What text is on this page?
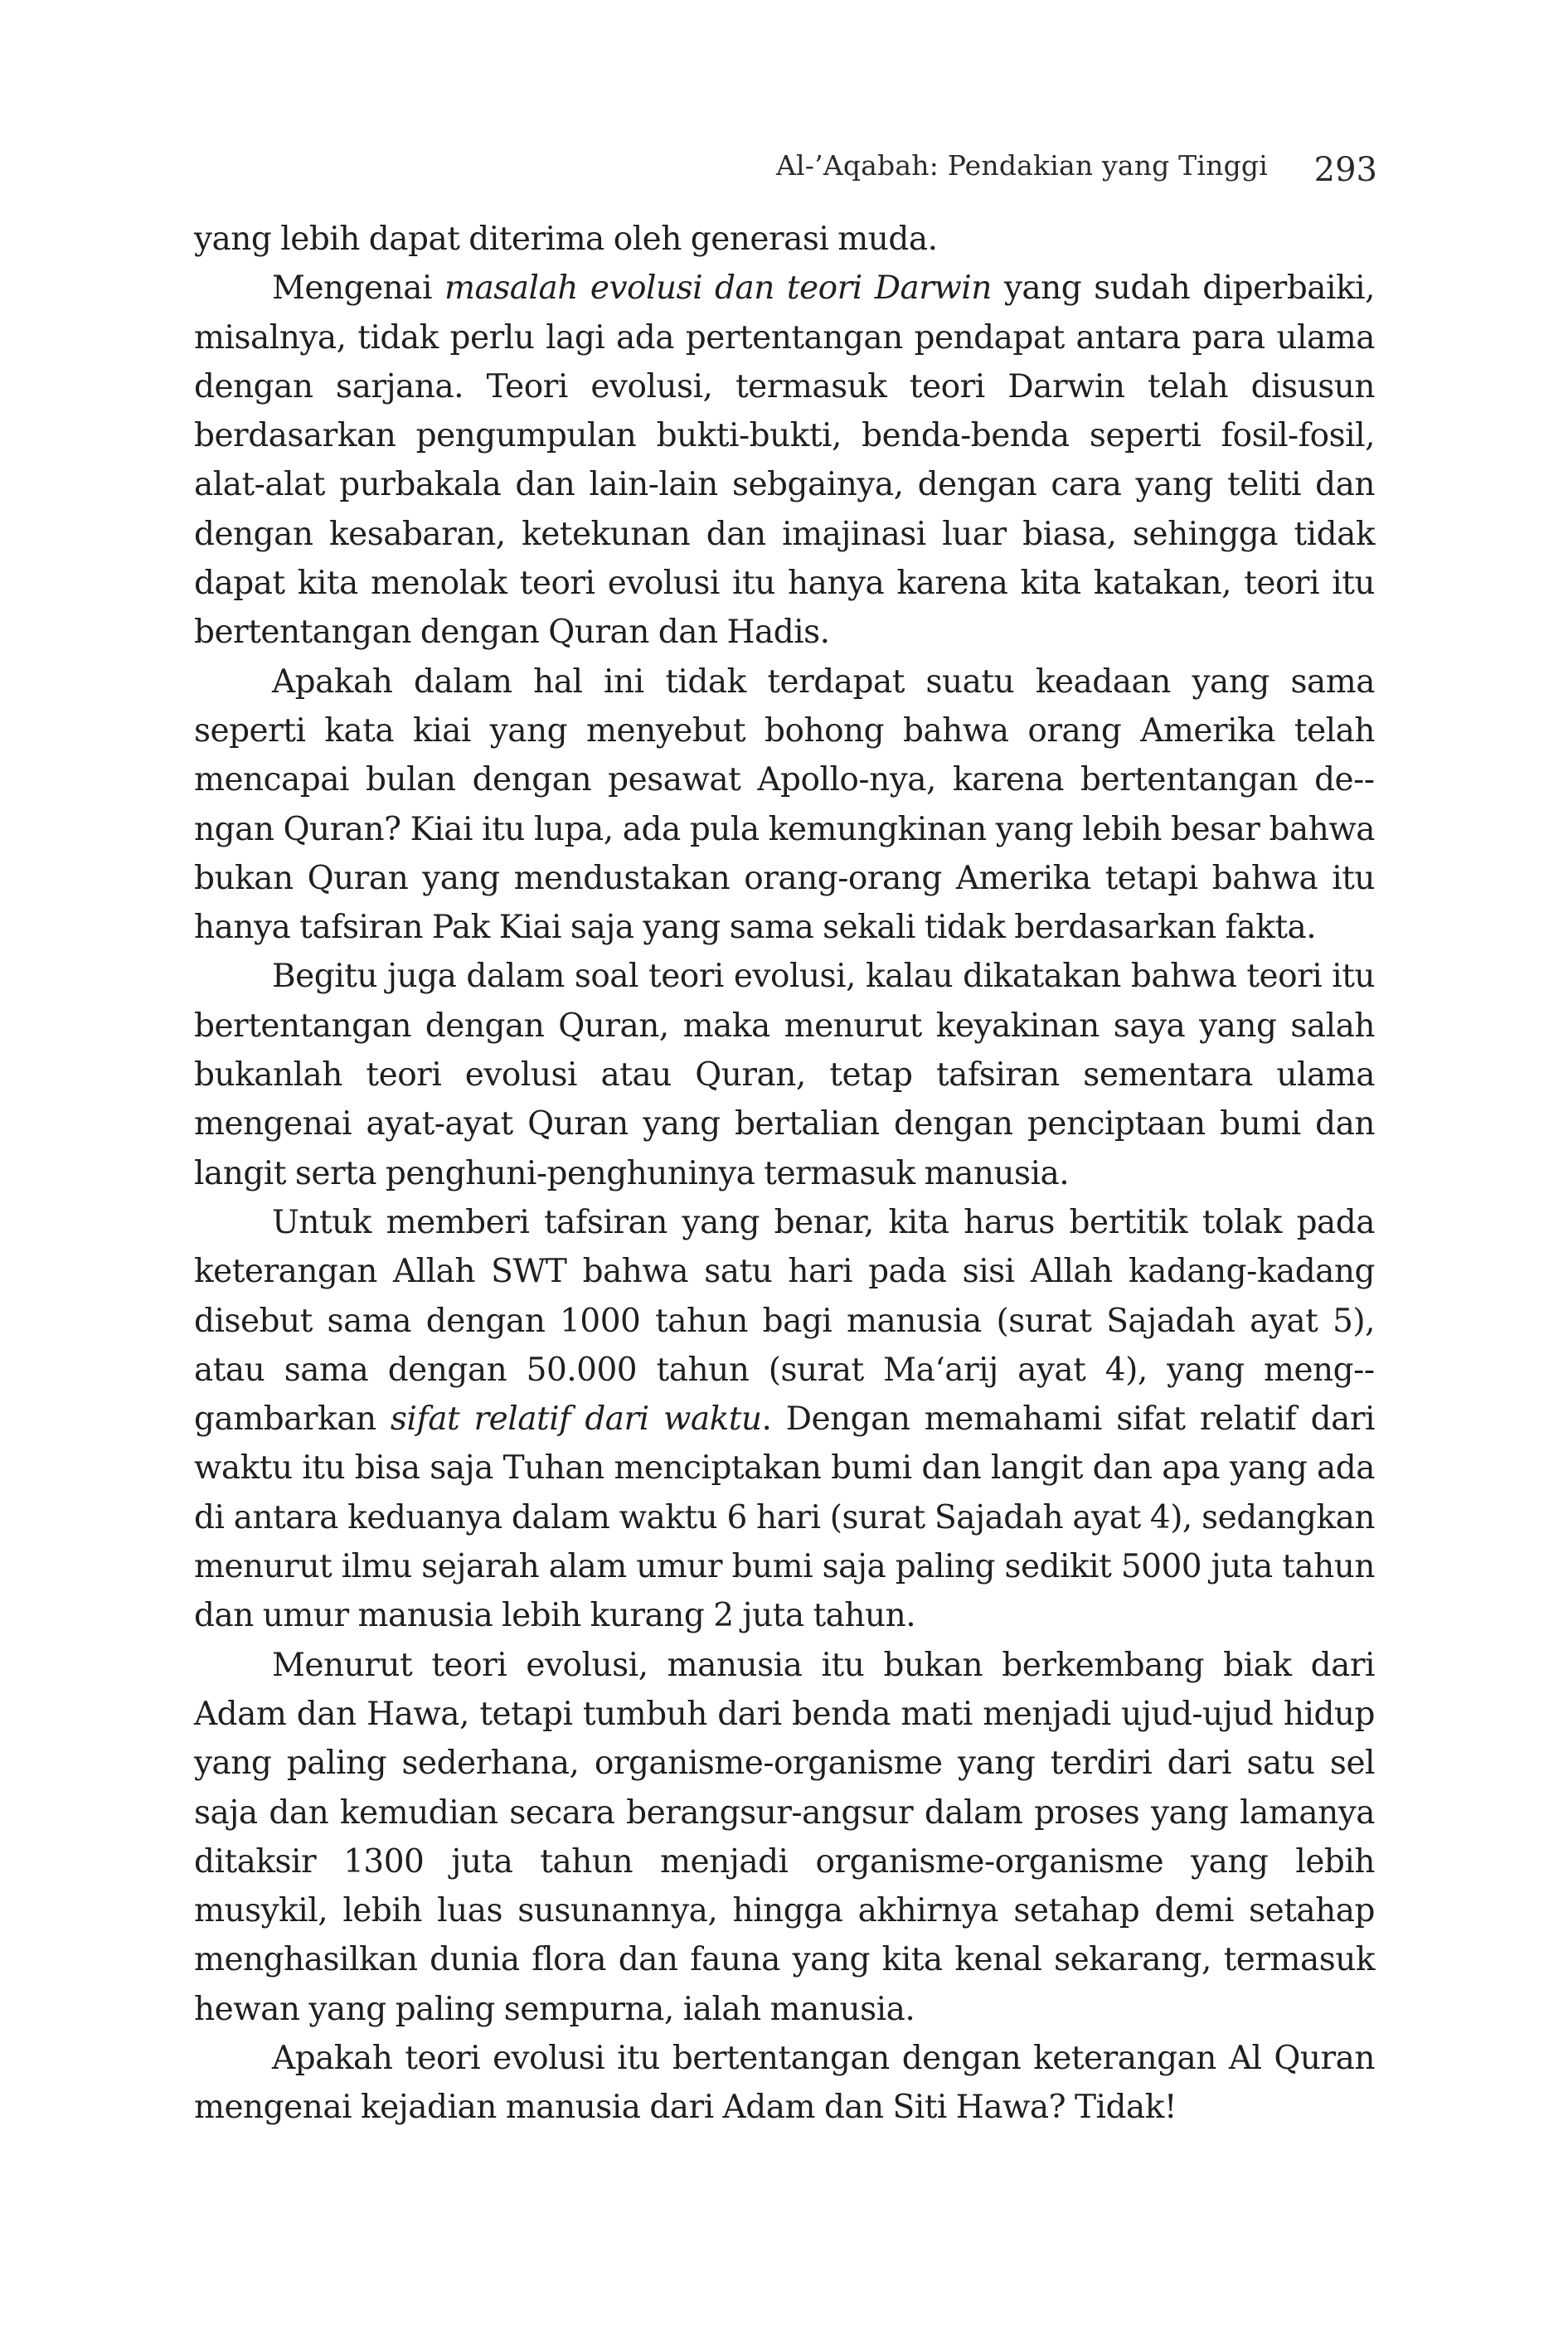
Al-’Aqabah: Pendakian yang Tinggi 293

yang lebih dapat diterima oleh generasi muda.

Mengenai masalah evolusi dan teori Darwin yang sudah diperbaiki, misalnya, tidak perlu lagi ada pertentangan pendapat antara para ulama dengan sarjana. Teori evolusi, termasuk teori Darwin telah disusun berdasarkan pengumpulan bukti-bukti, benda-benda seperti fosil-fosil, alat-alat purbakala dan lain-lain sebgainya, dengan cara yang teliti dan dengan kesabaran, ketekunan dan imajinasi luar biasa, sehingga tidak dapat kita menolak teori evolusi itu hanya karena kita katakan, teori itu bertentangan dengan Quran dan Hadis.

Apakah dalam hal ini tidak terdapat suatu keadaan yang sama seperti kata kiai yang menyebut bohong bahwa orang Amerika telah mencapai bulan dengan pesawat Apollo-nya, karena bertentangan de-ngan Quran? Kiai itu lupa, ada pula kemungkinan yang lebih besar bahwa bukan Quran yang mendustakan orang-orang Amerika tetapi bahwa itu hanya tafsiran Pak Kiai saja yang sama sekali tidak berdasarkan fakta.

Begitu juga dalam soal teori evolusi, kalau dikatakan bahwa teori itu bertentangan dengan Quran, maka menurut keyakinan saya yang salah bukanlah teori evolusi atau Quran, tetap tafsiran sementara ulama mengenai ayat-ayat Quran yang bertalian dengan penciptaan bumi dan langit serta penghuni-penghuninya termasuk manusia.

Untuk memberi tafsiran yang benar, kita harus bertitik tolak pada keterangan Allah SWT bahwa satu hari pada sisi Allah kadang-kadang disebut sama dengan 1000 tahun bagi manusia (surat Sajadah ayat 5), atau sama dengan 50.000 tahun (surat Ma‘arij ayat 4), yang meng-gambarkan sifat relatif dari waktu. Dengan memahami sifat relatif dari waktu itu bisa saja Tuhan menciptakan bumi dan langit dan apa yang ada di antara keduanya dalam waktu 6 hari (surat Sajadah ayat 4), sedangkan menurut ilmu sejarah alam umur bumi saja paling sedikit 5000 juta tahun dan umur manusia lebih kurang 2 juta tahun.

Menurut teori evolusi, manusia itu bukan berkembang biak dari Adam dan Hawa, tetapi tumbuh dari benda mati menjadi ujud-ujud hidup yang paling sederhana, organisme-organisme yang terdiri dari satu sel saja dan kemudian secara berangsur-angsur dalam proses yang lamanya ditaksir 1300 juta tahun menjadi organisme-organisme yang lebih musykil, lebih luas susunannya, hingga akhirnya setahap demi setahap menghasilkan dunia flora dan fauna yang kita kenal sekarang, termasuk hewan yang paling sempurna, ialah manusia.

Apakah teori evolusi itu bertentangan dengan keterangan Al Quran mengenai kejadian manusia dari Adam dan Siti Hawa? Tidak!
